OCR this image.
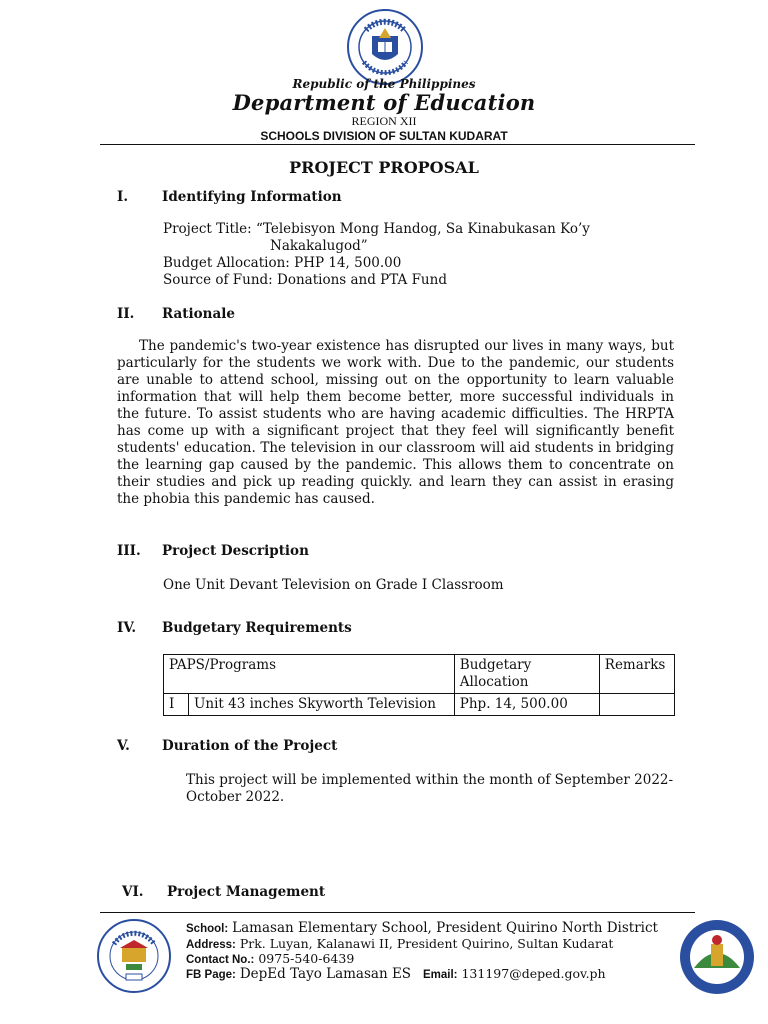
Republic of the Philippines
Department of Education
REGION XII
SCHOOLS DIVISION OF SULTAN KUDARAT
PROJECT PROPOSAL
I.	Identifying Information
Project Title: “Telebisyon Mong Handog, Sa Kinabukasan Ko’y
Nakakalugod”
Budget Allocation: PHP 14, 500.00
Source of Fund: Donations and PTA Fund
II. Rationale
The pandemic's two-year existence has disrupted our lives in many ways, but particularly for the students we work with. Due to the pandemic, our students are unable to attend school, missing out on the opportunity to learn valuable information that will help them become better, more successful individuals in the future. To assist students who are having academic difficulties. The HRPTA has come up with a significant project that they feel will significantly benefit students' education. The television in our classroom will aid students in bridging the learning gap caused by the pandemic. This allows them to concentrate on their studies and pick up reading quickly. and learn they can assist in erasing the phobia this pandemic has caused.
III. Project Description
One Unit Devant Television on Grade I Classroom
IV. Budgetary Requirements
PAPS/Programs		Budgetary Allocation	Remarks
I	Unit 43 inches Skyworth Television	Php. 14, 500.00	
V. Duration of the Project
This project will be implemented within the month of September 2022- October 2022.
VI. Project Management
School: Lamasan Elementary School, President Quirino North District
Address: Prk. Luyan, Kalanawi II, President Quirino, Sultan Kudarat
Contact No.: 0975-540-6439
FB Page: DepEd Tayo Lamasan ES Email: 131197@deped.gov.ph
